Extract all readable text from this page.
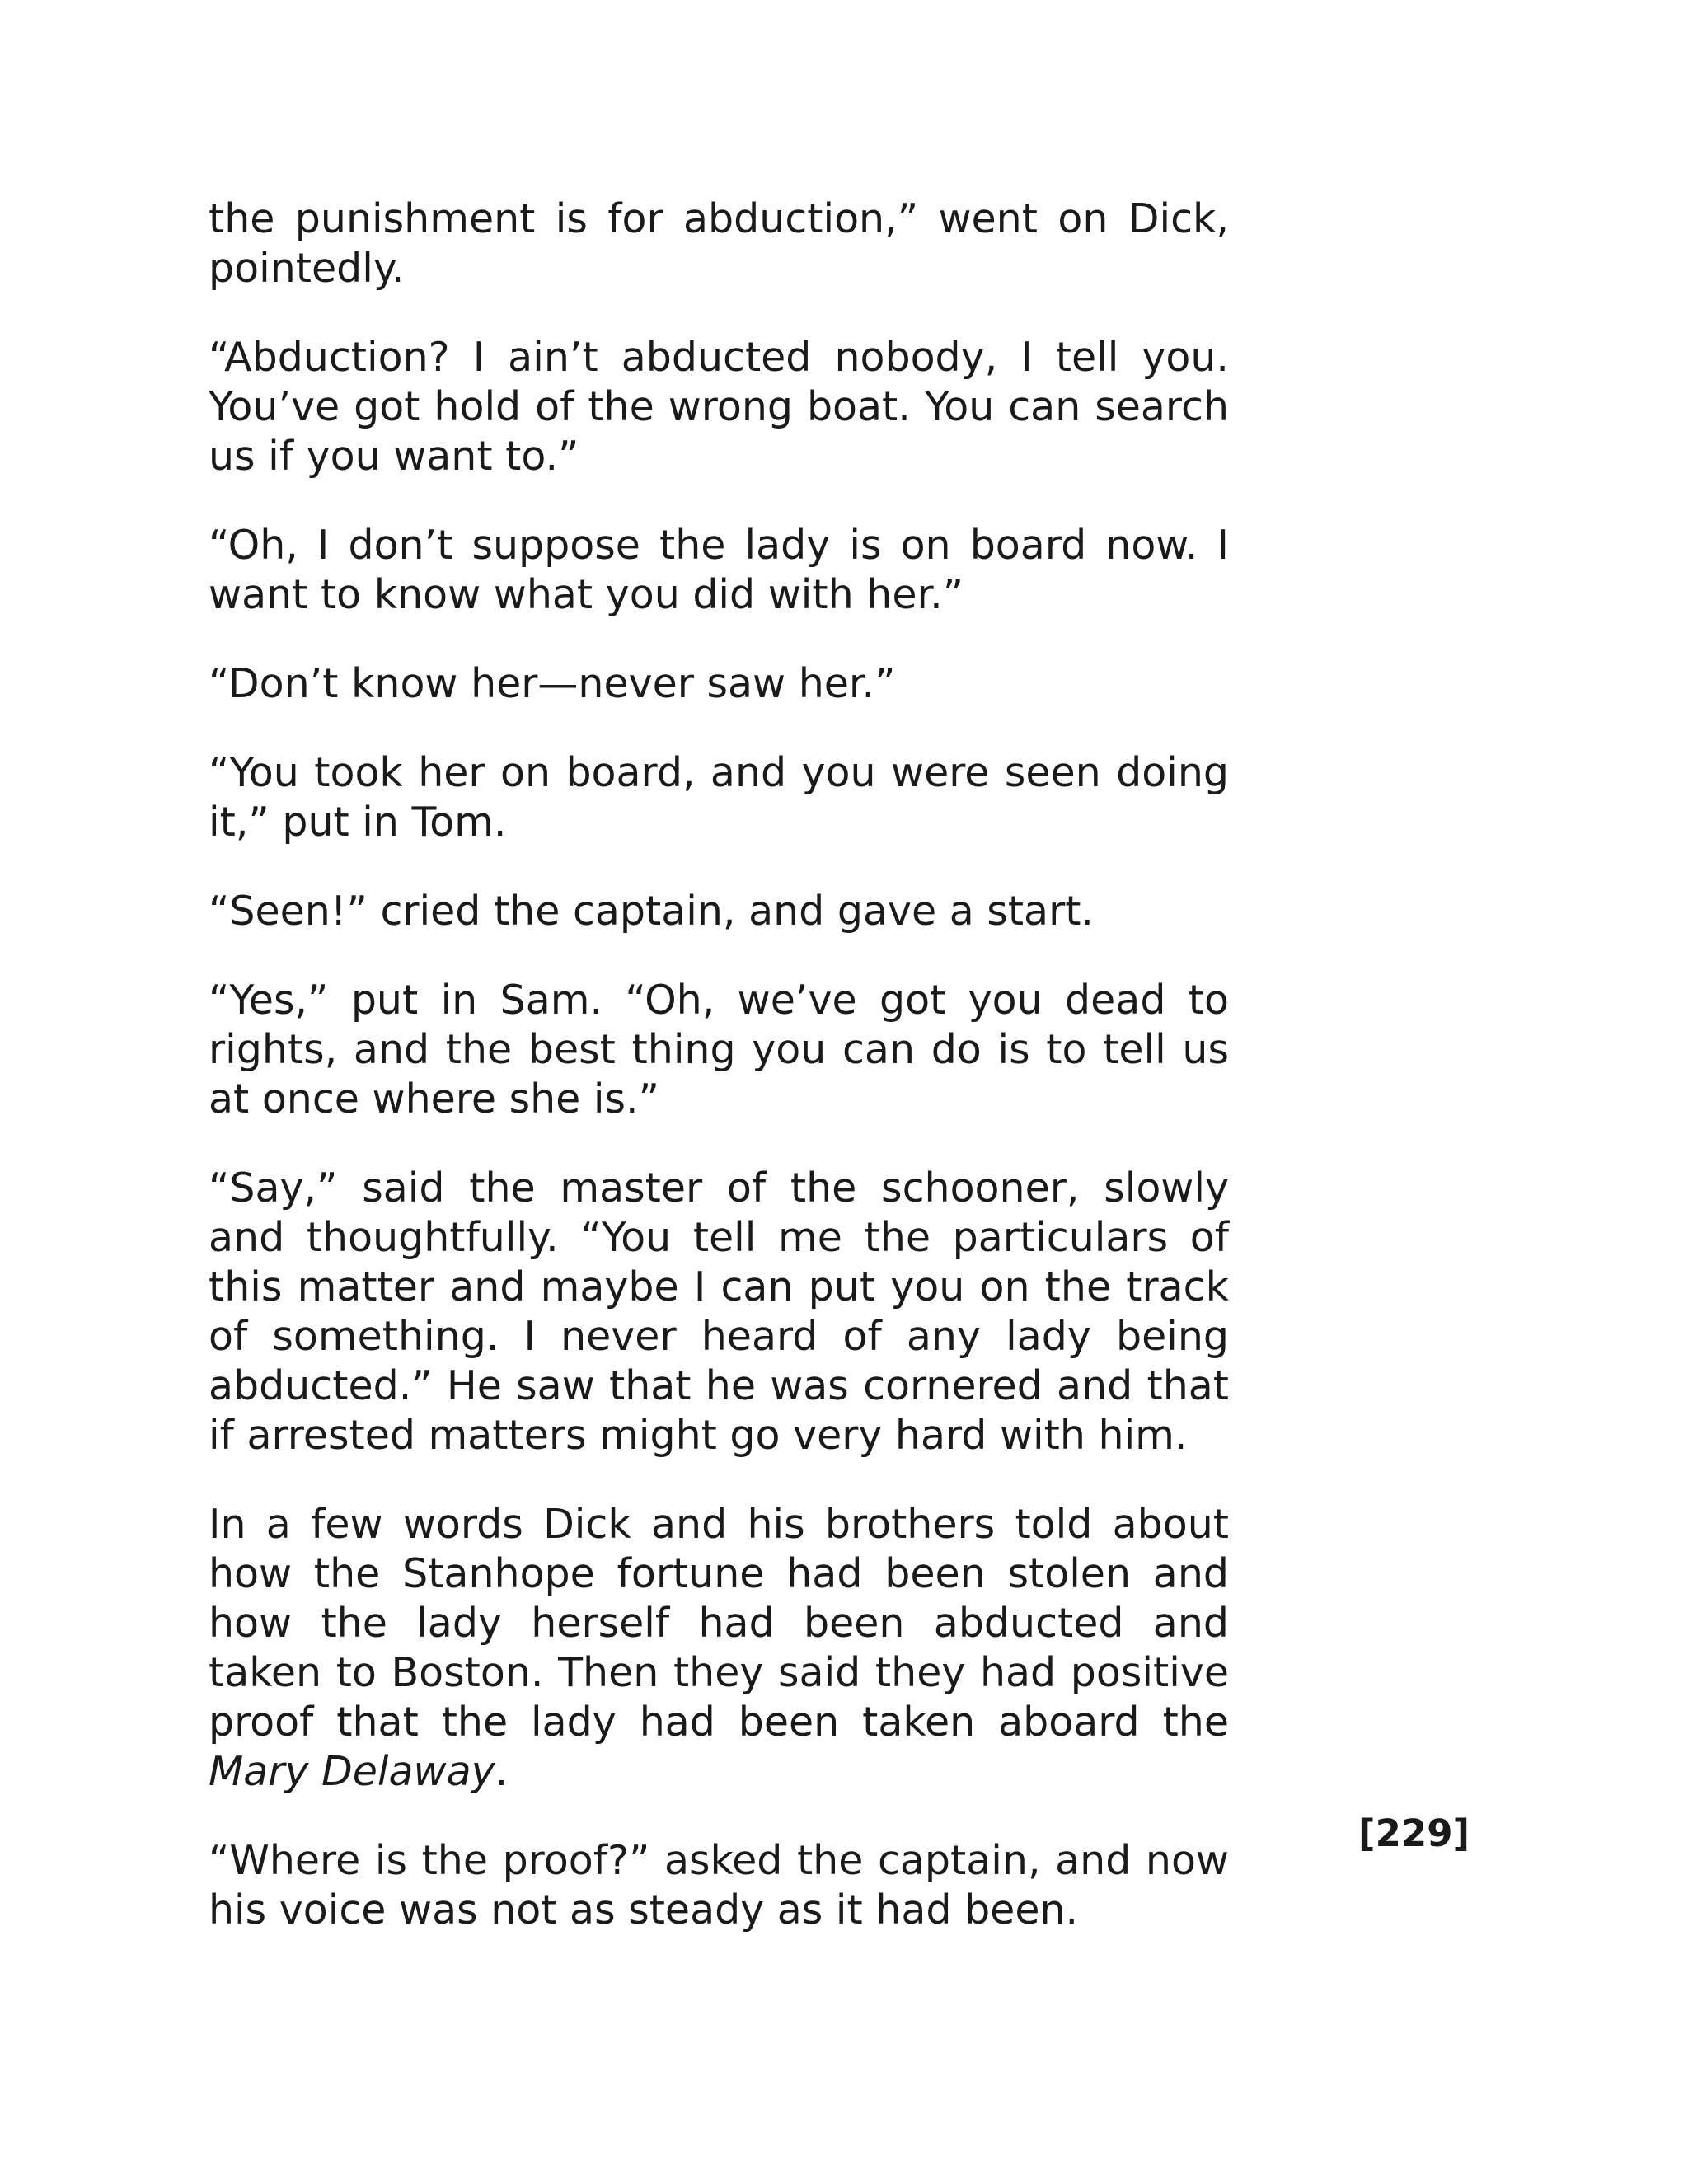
the punishment is for abduction,” went on Dick, pointedly.

“Abduction? I ain’t abducted nobody, I tell you. You’ve got hold of the wrong boat. You can search us if you want to.”

“Oh, I don’t suppose the lady is on board now. I want to know what you did with her.”

“Don’t know her—never saw her.”

“You took her on board, and you were seen doing it,” put in Tom.

“Seen!” cried the captain, and gave a start.

“Yes,” put in Sam. “Oh, we’ve got you dead to rights, and the best thing you can do is to tell us at once where she is.”

“Say,” said the master of the schooner, slowly and thoughtfully. “You tell me the particulars of this matter and maybe I can put you on the track of something. I never heard of any lady being abducted.” He saw that he was cornered and that if arrested matters might go very hard with him.

In a few words Dick and his brothers told about how the Stanhope fortune had been stolen and how the lady herself had been abducted and taken to Boston. Then they said they had positive proof that the lady had been taken aboard the Mary Delaway.

“Where is the proof?” asked the captain, and now his voice was not as steady as it had been.

[229]
